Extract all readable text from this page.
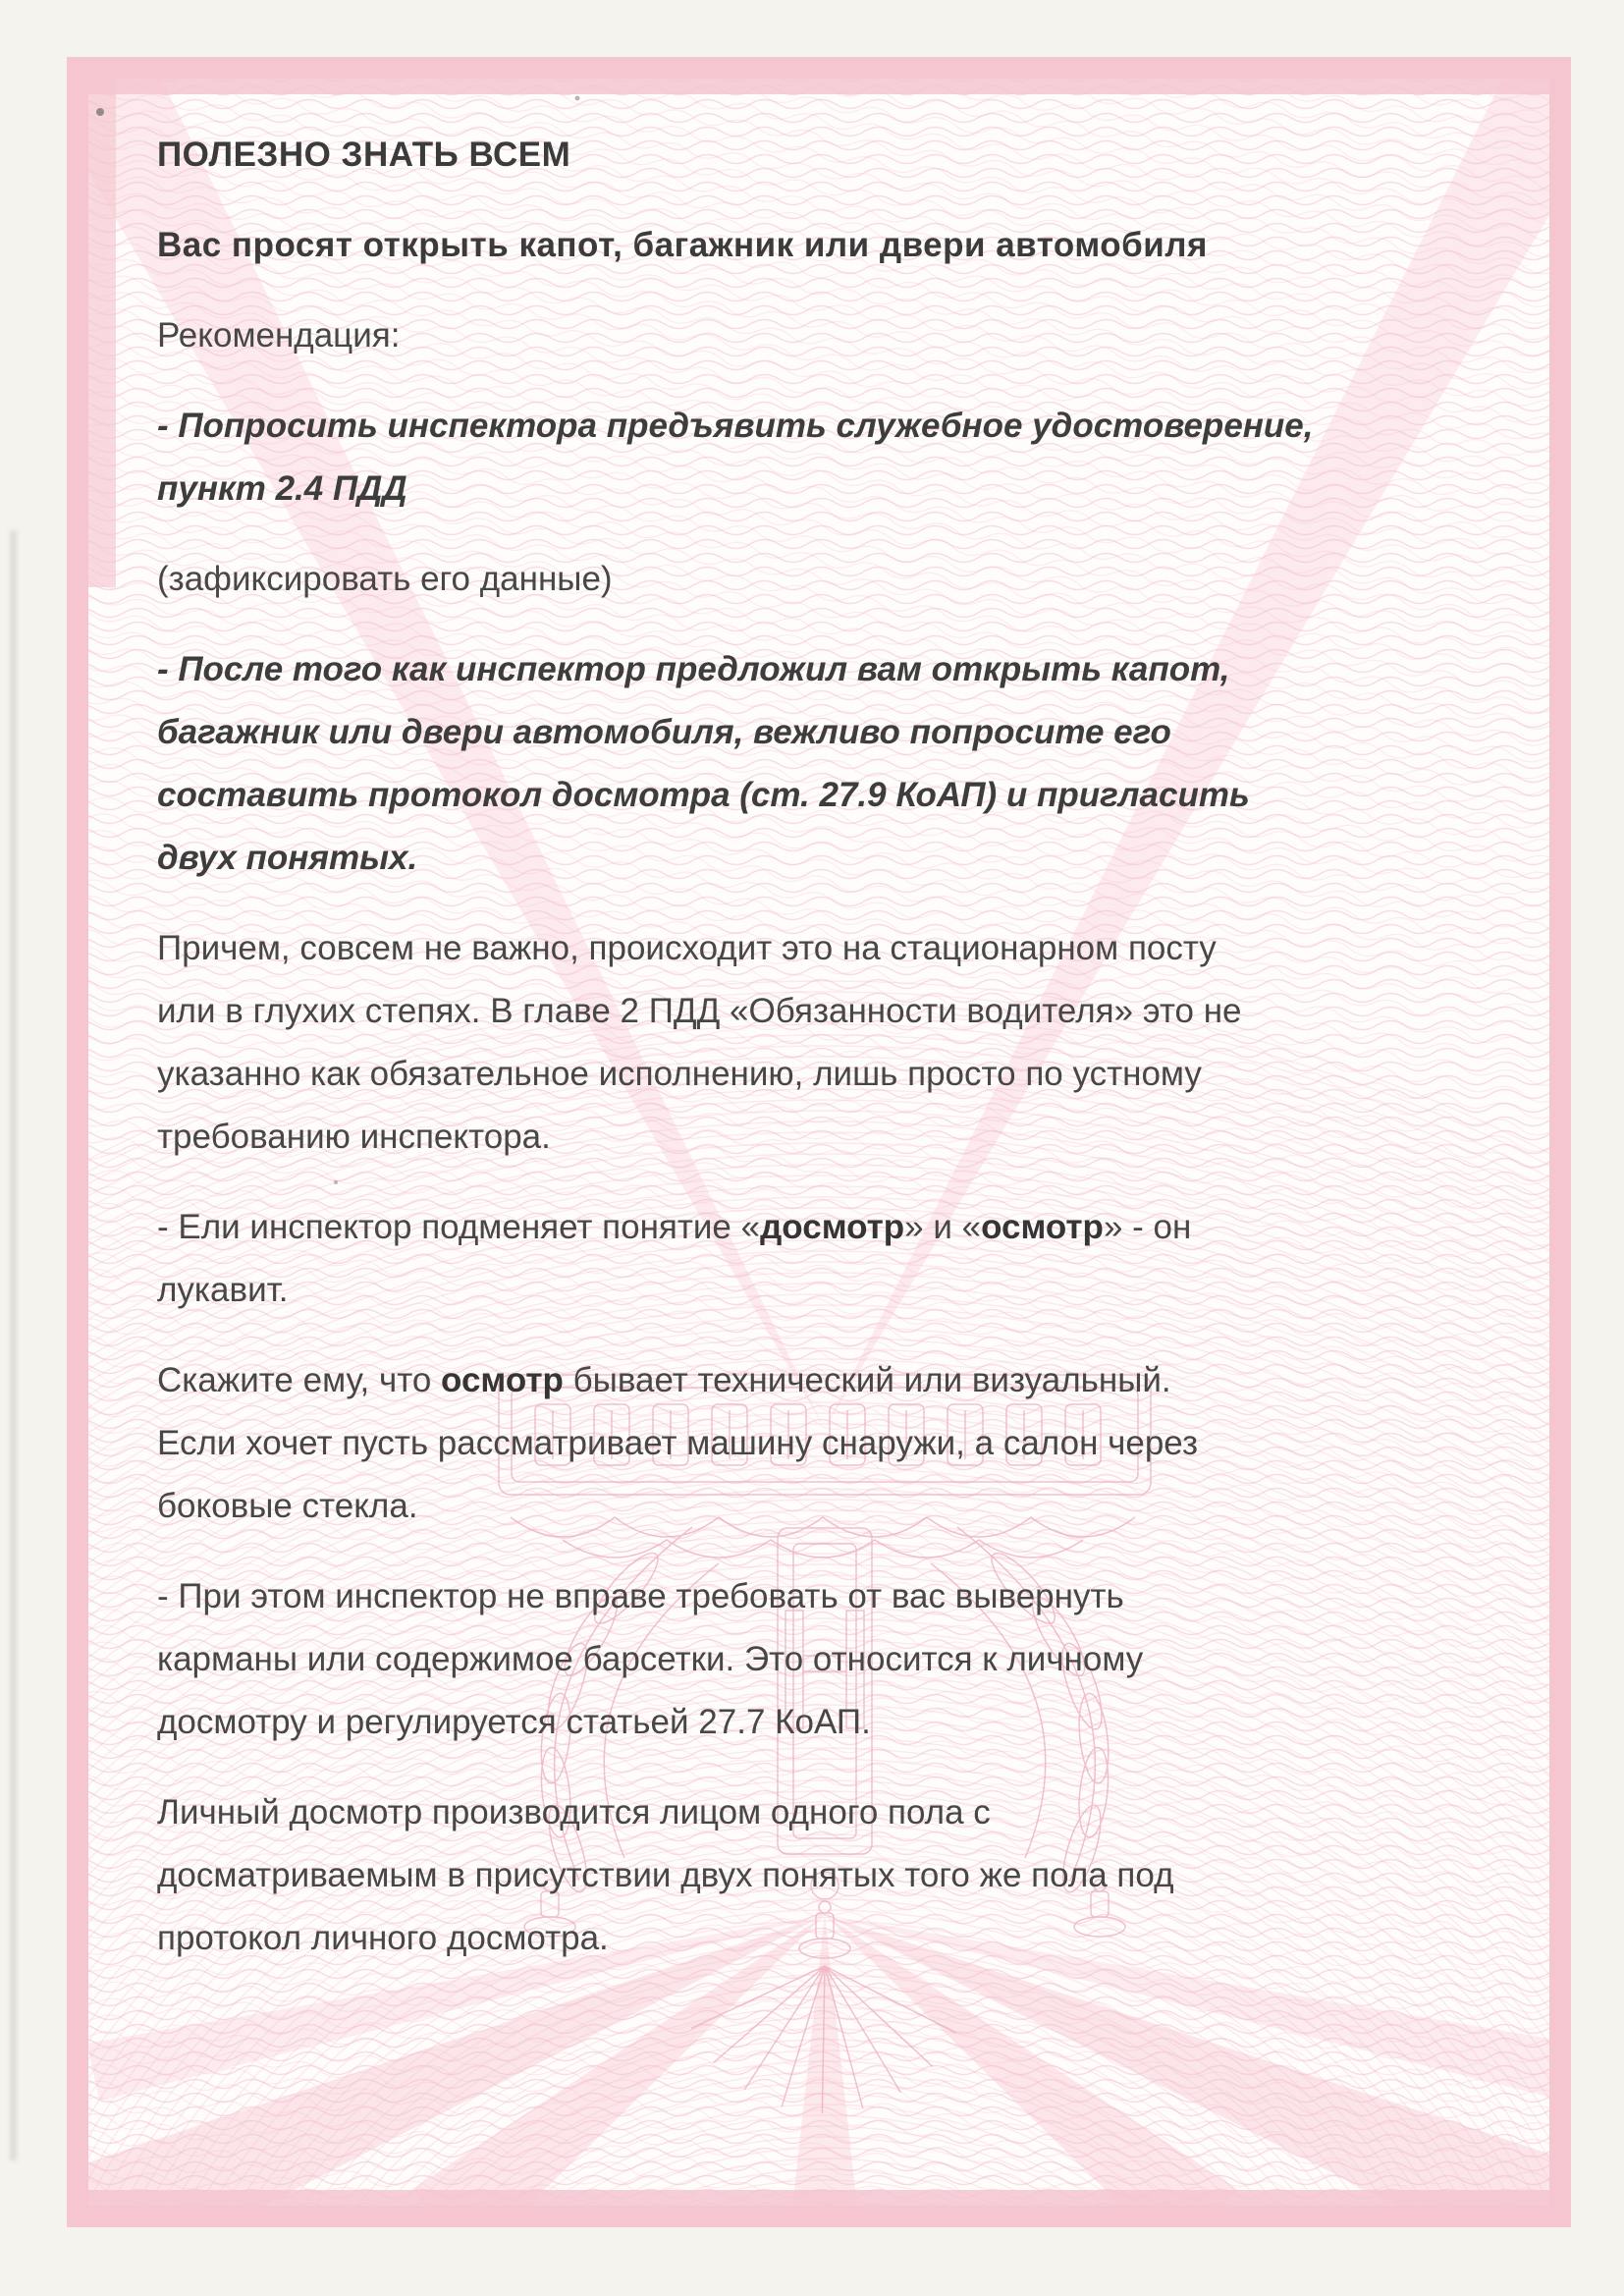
ПОЛЕЗНО ЗНАТЬ ВСЕМ

Вас просят открыть капот, багажник или двери автомобиля

Рекомендация:

- Попросить инспектора предъявить служебное удостоверение,
пункт 2.4 ПДД

(зафиксировать его данные)

- После того как инспектор предложил вам открыть капот,
багажник или двери автомобиля, вежливо попросите его
составить протокол досмотра (ст. 27.9 КоАП) и пригласить
двух понятых.

Причем, совсем не важно, происходит это на стационарном посту
или в глухих степях. В главе 2 ПДД «Обязанности водителя» это не
указанно как обязательное исполнению, лишь просто по устному
требованию инспектора.

- Ели инспектор подменяет понятие «досмотр» и «осмотр» - он
лукавит.

Скажите ему, что осмотр бывает технический или визуальный.
Если хочет пусть рассматривает машину снаружи, а салон через
боковые стекла.

- При этом инспектор не вправе требовать от вас вывернуть
карманы или содержимое барсетки. Это относится к личному
досмотру и регулируется статьей 27.7 КоАП.

Личный досмотр производится лицом одного пола с
досматриваемым в присутствии двух понятых того же пола под
протокол личного досмотра.
